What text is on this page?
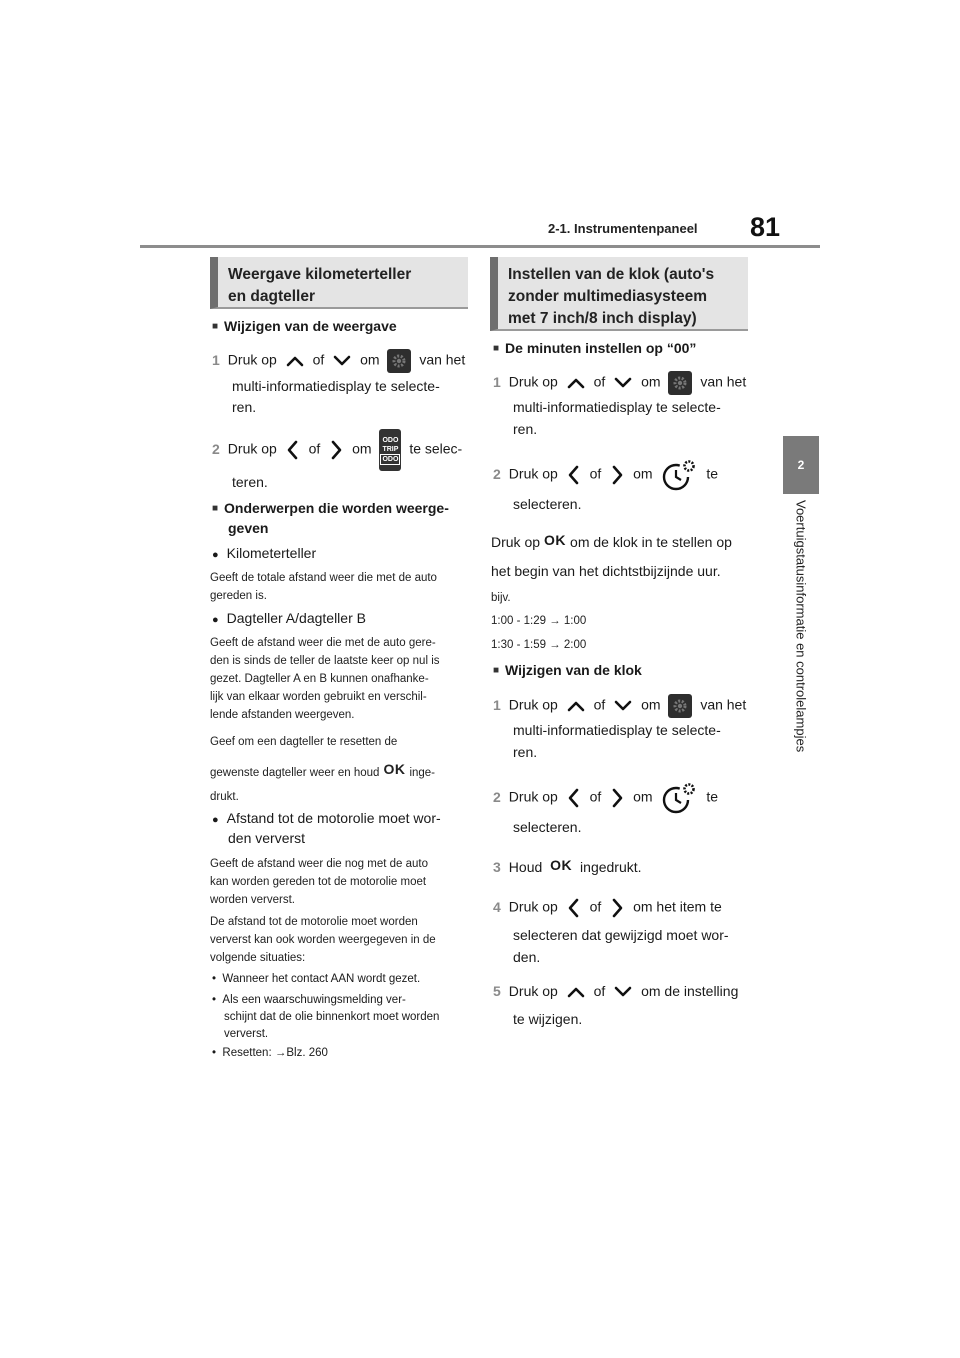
2-1. Instrumentenpaneel 81
2
Voertuigstatusinformatie en controlelampjes
Weergave kilometerteller
en dagteller
■ Wijzigen van de weergave
1 Druk op	of	om	van het
multi-informatiedisplay te selecte-
ren.
2 Druk op of om
ODO
TRIP
ODO
te selec-
teren.
■ Onderwerpen die worden weerge-
geven
● Kilometerteller
Geeft de totale afstand weer die met de auto
gereden is.
● Dagteller A/dagteller B
Geeft de afstand weer die met de auto gere-
den is sinds de teller de laatste keer op nul is
gezet. Dagteller A en B kunnen onafhanke-
lijk van elkaar worden gebruikt en verschil-
lende afstanden weergeven.
Geef om een dagteller te resetten de
gewenste dagteller weer en houd OK inge-
drukt.
● Afstand tot de motorolie moet wor-
den ververst
Geeft de afstand weer die nog met de auto
kan worden gereden tot de motorolie moet
worden ververst.
De afstand tot de motorolie moet worden
ververst kan ook worden weergegeven in de
volgende situaties:
•  Wanneer het contact AAN wordt gezet.
•  Als een waarschuwingsmelding ver-
schijnt dat de olie binnenkort moet worden
ververst.
•  Resetten: →Blz. 260
Instellen van de klok (auto's
zonder multimediasysteem
met 7 inch/8 inch display)
■ De minuten instellen op “00”
1 Druk op	of	om	van het
multi-informatiedisplay te selecte-
ren.
2 Druk op of om	te
selecteren.
Druk op OK om de klok in te stellen op
het begin van het dichtstbijzijnde uur.
bijv.
1:00 - 1:29 → 1:00
1:30 - 1:59 → 2:00
■ Wijzigen van de klok
1 Druk op	of	om	van het
multi-informatiedisplay te selecte-
ren.
2 Druk op of om	te
selecteren.
3 Houd OK ingedrukt.
4 Druk op of om het item te
selecteren dat gewijzigd moet wor-
den.
5 Druk op	of	om de instelling
te wijzigen.
